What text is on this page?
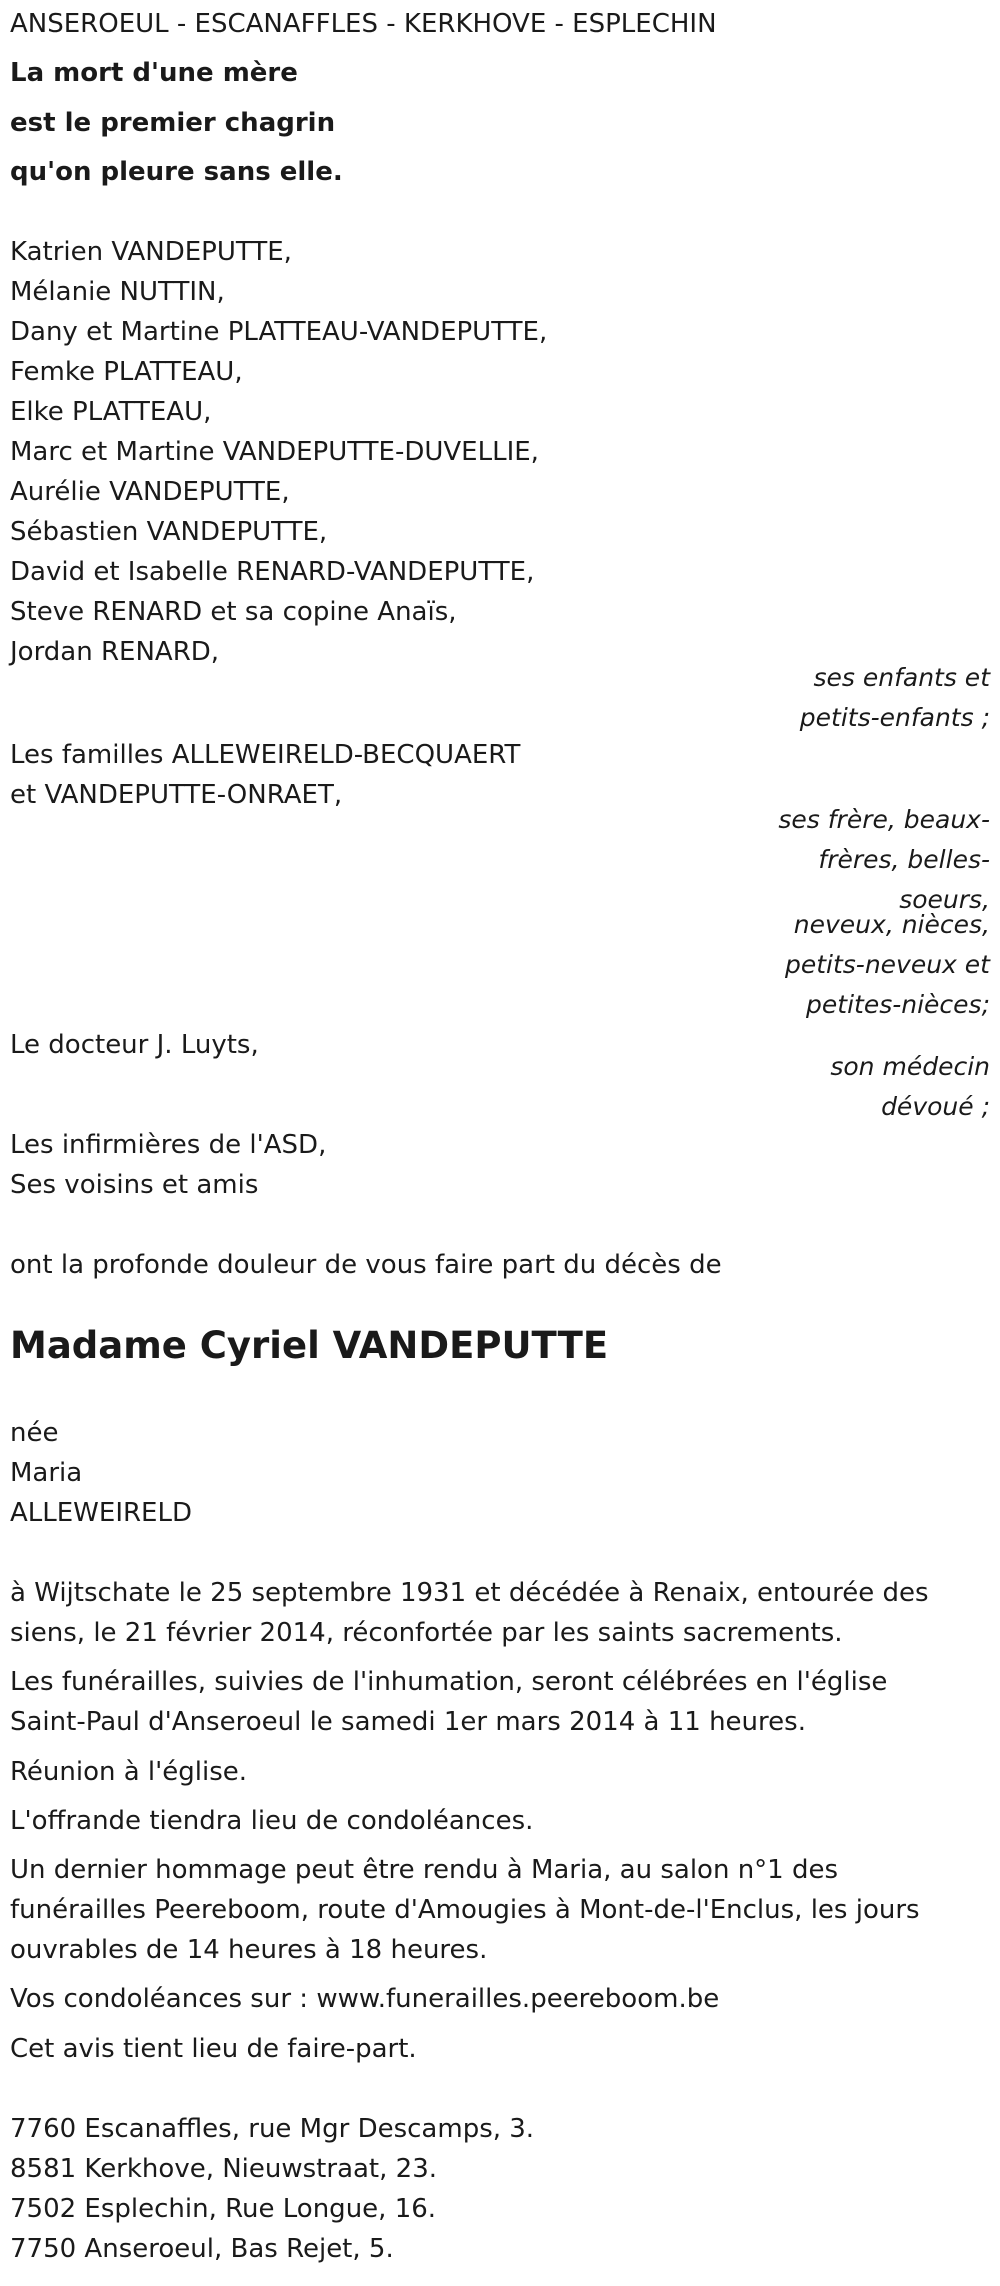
ANSEROEUL - ESCANAFFLES - KERKHOVE - ESPLECHIN
La mort d'une mère
est le premier chagrin
qu'on pleure sans elle.
Katrien VANDEPUTTE,
Mélanie NUTTIN,
Dany et Martine PLATTEAU-VANDEPUTTE,
Femke PLATTEAU,
Elke PLATTEAU,
Marc et Martine VANDEPUTTE-DUVELLIE,
Aurélie VANDEPUTTE,
Sébastien VANDEPUTTE,
David et Isabelle RENARD-VANDEPUTTE,
Steve RENARD et sa copine Anaïs,
Jordan RENARD,
ses enfants et
petits-enfants ;
Les familles ALLEWEIRELD-BECQUAERT
et VANDEPUTTE-ONRAET,
ses frère, beaux-
frères, belles-
soeurs,
neveux, nièces,
petits-neveux et
petites-nièces;
Le docteur J. Luyts,
son médecin
dévoué ;
Les infirmières de l'ASD,
Ses voisins et amis
ont la profonde douleur de vous faire part du décès de
Madame Cyriel VANDEPUTTE
née
Maria
ALLEWEIRELD
à Wijtschate le 25 septembre 1931 et décédée à Renaix, entourée des
siens, le 21 février 2014, réconfortée par les saints sacrements.
Les funérailles, suivies de l'inhumation, seront célébrées en l'église
Saint-Paul d'Anseroeul le samedi 1er mars 2014 à 11 heures.
Réunion à l'église.
L'offrande tiendra lieu de condoléances.
Un dernier hommage peut être rendu à Maria, au salon n°1 des
funérailles Peereboom, route d'Amougies à Mont-de-l'Enclus, les jours
ouvrables de 14 heures à 18 heures.
Vos condoléances sur : www.funerailles.peereboom.be
Cet avis tient lieu de faire-part.
7760 Escanaffles, rue Mgr Descamps, 3.
8581 Kerkhove, Nieuwstraat, 23.
7502 Esplechin, Rue Longue, 16.
7750 Anseroeul, Bas Rejet, 5.
